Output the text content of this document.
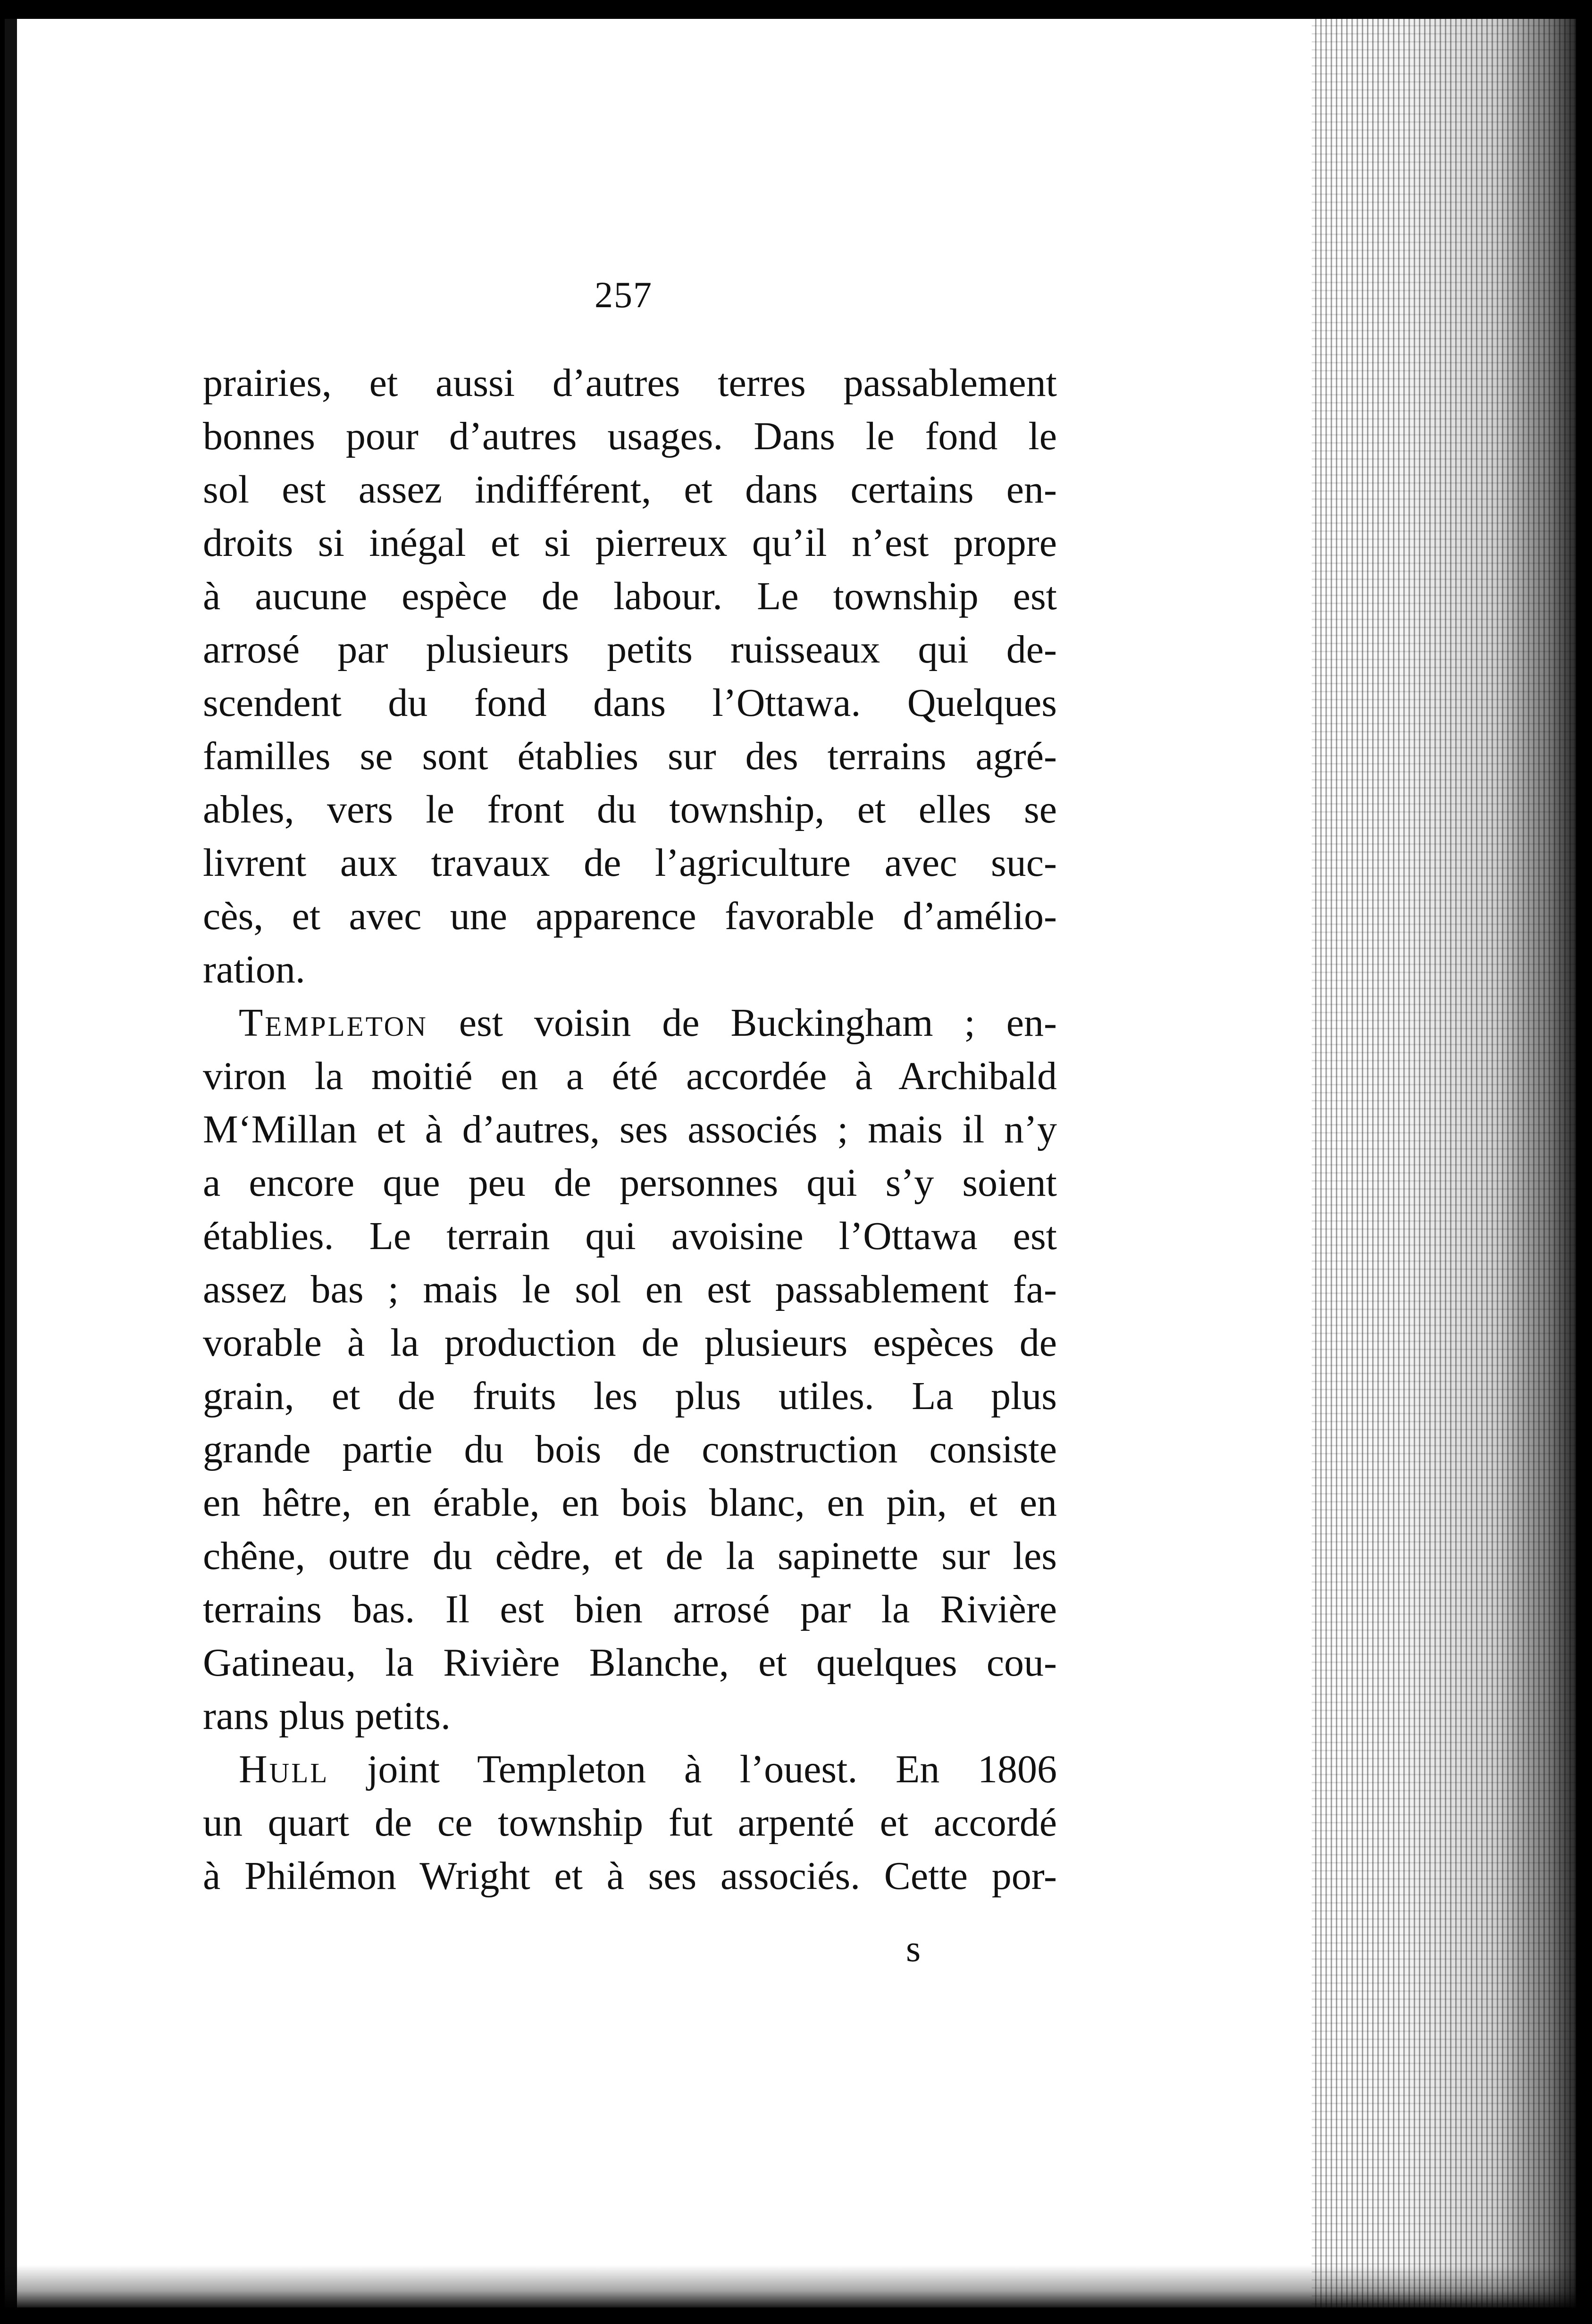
257
prairies, et aussi d’autres terres passablement
bonnes pour d’autres usages. Dans le fond le
sol est assez indifférent, et dans certains en-
droits si inégal et si pierreux qu’il n’est propre
à aucune espèce de labour. Le township est
arrosé par plusieurs petits ruisseaux qui de-
scendent du fond dans l’Ottawa. Quelques
familles se sont établies sur des terrains agré-
ables, vers le front du township, et elles se
livrent aux travaux de l’agriculture avec suc-
cès, et avec une apparence favorable d’amélio-
ration.
Templeton est voisin de Buckingham ; en-
viron la moitié en a été accordée à Archibald
M‘Millan et à d’autres, ses associés ; mais il n’y
a encore que peu de personnes qui s’y soient
établies. Le terrain qui avoisine l’Ottawa est
assez bas ; mais le sol en est passablement fa-
vorable à la production de plusieurs espèces de
grain, et de fruits les plus utiles. La plus
grande partie du bois de construction consiste
en hêtre, en érable, en bois blanc, en pin, et en
chêne, outre du cèdre, et de la sapinette sur les
terrains bas. Il est bien arrosé par la Rivière
Gatineau, la Rivière Blanche, et quelques cou-
rans plus petits.
Hull joint Templeton à l’ouest. En 1806
un quart de ce township fut arpenté et accordé
à Philémon Wright et à ses associés. Cette por-
s
